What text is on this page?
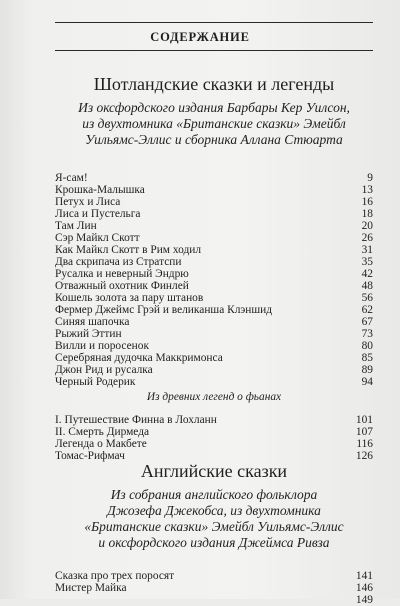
СОДЕРЖАНИЕ
Шотландские сказки и легенды
Из оксфордского издания Барбары Кер Уилсон,
из двухтомника «Британские сказки» Эмейбл
Уильямс-Эллис и сборника Аллана Стюарта
Я-сам!	9
Крошка-Малышка	13
Петух и Лиса	16
Лиса и Пустельга	18
Там Лин	20
Сэр Майкл Скотт	26
Как Майкл Скотт в Рим ходил	31
Два скрипача из Стратспи	35
Русалка и неверный Эндрю	42
Отважный охотник Финлей	48
Кошель золота за пару штанов	56
Фермер Джеймс Грэй и великанша Клэншид	62
Синяя шапочка	67
Рыжий Эттин	73
Вилли и поросенок	80
Серебряная дудочка Маккримонса	85
Джон Рид и русалка	89
Черный Родерик	94
Из древних легенд о фьанах
I. Путешествие Финна в Лохланн	101
II. Смерть Дирмеда	107
Легенда о Макбете	116
Томас-Рифмач	126
Английские сказки
Из собрания английского фольклора
Джозефа Джекобса, из двухтомника
«Британские сказки» Эмейбл Уильямс-Эллис
и оксфордского издания Джеймса Ривза
Сказка про трех поросят	141
Мистер Майка	146
149
